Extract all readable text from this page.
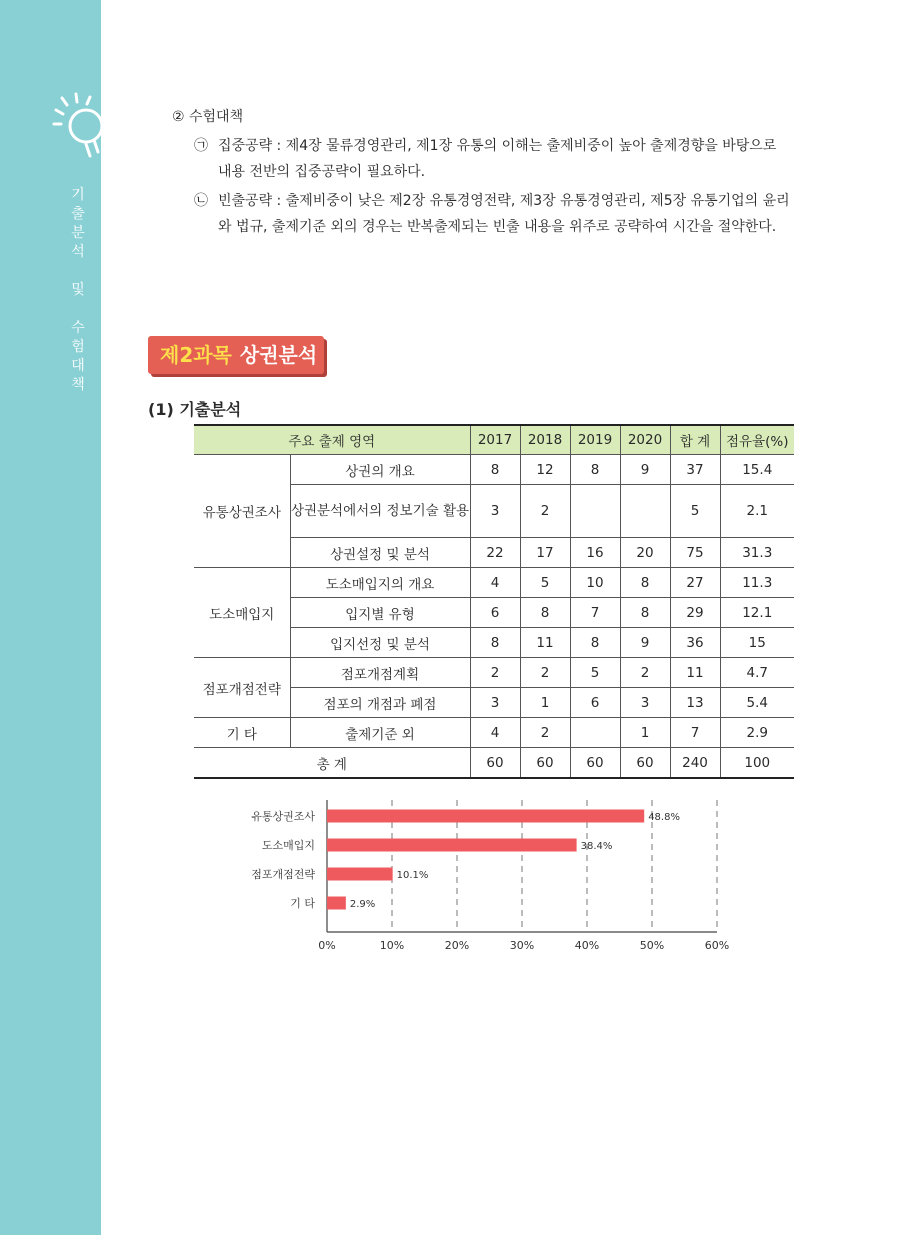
기
출
분
석
및
수
험
대
책
② 수험대책
㉠ 집중공략 : 제4장 물류경영관리, 제1장 유통의 이해는 출제비중이 높아 출제경향을 바탕으로 내용 전반의 집중공략이 필요하다.
㉡ 빈출공략 : 출제비중이 낮은 제2장 유통경영전략, 제3장 유통경영관리, 제5장 유통기업의 윤리와 법규, 출제기준 외의 경우는 반복출제되는 빈출 내용을 위주로 공략하여 시간을 절약한다.
제2과목 상권분석
(1) 기출분석
주요 출제 영역		2017	2018	2019	2020	합 계	점유율(%)
유통상권조사	상권의 개요	8	12	8	9	37	15.4
	상권분석에서의 정보기술 활용	3	2			5	2.1
	상권설정 및 분석	22	17	16	20	75	31.3
도소매입지	도소매입지의 개요	4	5	10	8	27	11.3
	입지별 유형	6	8	7	8	29	12.1
	입지선정 및 분석	8	11	8	9	36	15
점포개점전략	점포개점계획	2	2	5	2	11	4.7
	점포의 개점과 폐점	3	1	6	3	13	5.4
기 타	출제기준 외	4	2		1	7	2.9
총 계		60	60	60	60	240	100
0%	10%	20%	30%	40%	50%	60%
유통상권조사	48.8%
도소매입지	38.4%
점포개점전략	10.1%
기 타	2.9%
